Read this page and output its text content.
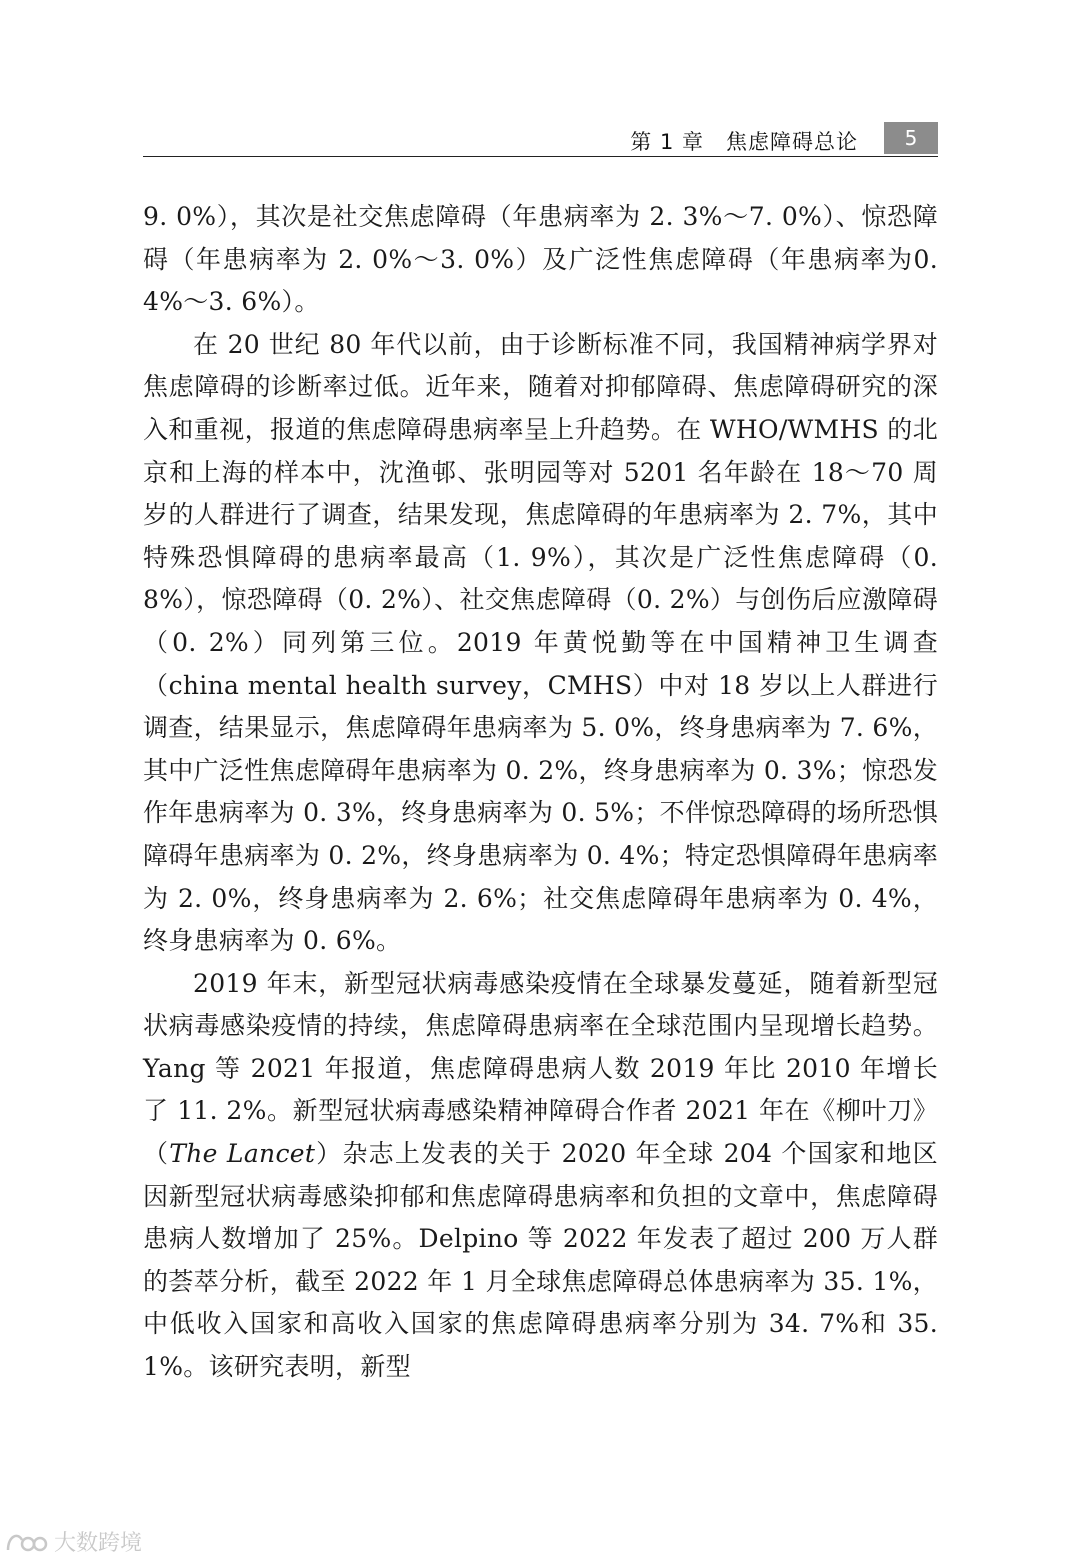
第 1 章　焦虑障碍总论	5

9. 0%），其次是社交焦虑障碍（年患病率为 2. 3%～7. 0%）、惊恐障碍（年患病率为 2. 0%～3. 0%）及广泛性焦虑障碍（年患病率为0. 4%～3. 6%）。

在 20 世纪 80 年代以前，由于诊断标准不同，我国精神病学界对焦虑障碍的诊断率过低。近年来，随着对抑郁障碍、焦虑障碍研究的深入和重视，报道的焦虑障碍患病率呈上升趋势。在 WHO/WMHS 的北京和上海的样本中，沈渔邨、张明园等对 5201 名年龄在 18～70 周岁的人群进行了调查，结果发现，焦虑障碍的年患病率为 2. 7%，其中特殊恐惧障碍的患病率最高（1. 9%），其次是广泛性焦虑障碍（0. 8%），惊恐障碍（0. 2%）、社交焦虑障碍（0. 2%）与创伤后应激障碍（0. 2%）同列第三位。2019 年黄悦勤等在中国精神卫生调查（china mental health survey，CMHS）中对 18 岁以上人群进行调查，结果显示，焦虑障碍年患病率为 5. 0%，终身患病率为 7. 6%，其中广泛性焦虑障碍年患病率为 0. 2%，终身患病率为 0. 3%；惊恐发作年患病率为 0. 3%，终身患病率为 0. 5%；不伴惊恐障碍的场所恐惧障碍年患病率为 0. 2%，终身患病率为 0. 4%；特定恐惧障碍年患病率为 2. 0%，终身患病率为 2. 6%；社交焦虑障碍年患病率为 0. 4%，终身患病率为 0. 6%。

2019 年末，新型冠状病毒感染疫情在全球暴发蔓延，随着新型冠状病毒感染疫情的持续，焦虑障碍患病率在全球范围内呈现增长趋势。Yang 等 2021 年报道，焦虑障碍患病人数 2019 年比 2010 年增长了 11. 2%。新型冠状病毒感染精神障碍合作者 2021 年在《柳叶刀》（The Lancet）杂志上发表的关于 2020 年全球 204 个国家和地区因新型冠状病毒感染抑郁和焦虑障碍患病率和负担的文章中，焦虑障碍患病人数增加了 25%。Delpino 等 2022 年发表了超过 200 万人群的荟萃分析，截至 2022 年 1 月全球焦虑障碍总体患病率为 35. 1%，中低收入国家和高收入国家的焦虑障碍患病率分别为 34. 7%和 35. 1%。该研究表明，新型

大数跨境
